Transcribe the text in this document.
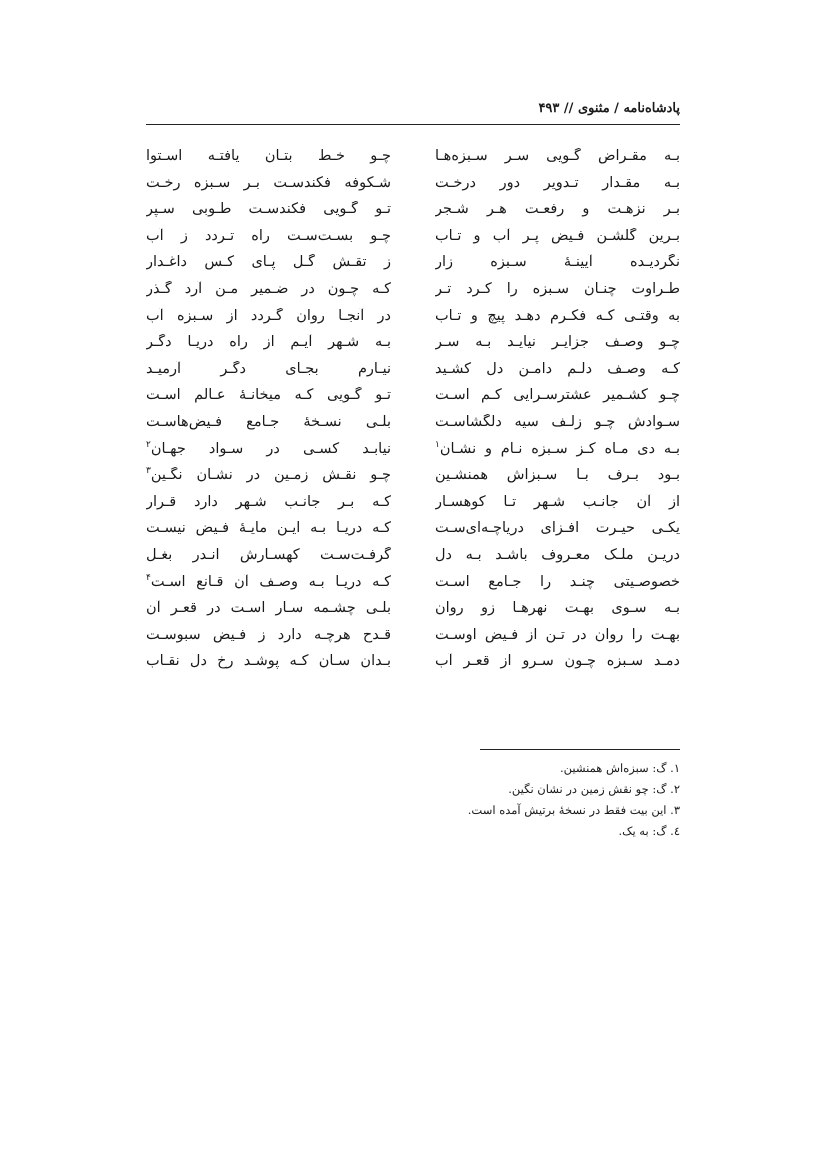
پادشاه‌نامه / مثنوی // ۴۹۳
بـه مقـراض گـویی سـر سـبزه‌هـا
چـو خـط بتـان یافتـه اسـتوا
بـه مقـدار تـدویر دور درخـت
شـکوفه فکندسـت بـر سـبزه رخـت
بـر نزهـت و رفعـت هـر شـجر
تـو گـویی فکندسـت طـوبی سـپر
بـرین گلشـن فـیض پـر آب و تـاب
چـو بسـت‌سـت راه تـردد ز آب
نگردیـده آیینـهٔ سـبزه زار
ز تقـش گـل پـای کـس داغـدار
طـراوت چنـان سـبزه را کـرد تـر
کـه چـون در ضـمیر مـن آرد گـذر
به وقتـی کـه فکـرم دهـد پیچ و تـاب
در آنجـا روان گـردد از سـبزه آب
چـو وصـف جزایـر نیایـد بـه سـر
بـه شـهر آیـم از راه دریـا دگـر
کـه وصـف دلـم دامـن دل کشـید
نیـارم بجـای دگـر آرمیـد
چـو کشـمیر عشترسـرایی کـم اسـت
تـو گـویی کـه میخانـهٔ عـالم اسـت
سـوادش چـو زلـف سیه دلگشاسـت
بلـی نسـخهٔ جـامع فـیض‌هاسـت
بـه دی مـاه کـز سـبزه نـام و نشـان$^۱$
نیابـد کسـی در سـواد جهـان$^۲$
بـود بـرف بـا سـبزاش همنشـین
چـو نقـش زمـین در نشـان نگـین$^۳$
از آن جانـب شـهر تـا کوهسـار
کـه بـر جانـب شـهر دارد قـرار
یکـی حیـرت افـزای دریاچـه‌ای‌سـت
کـه دریـا بـه ایـن مایـهٔ فـیض نیسـت
دریـن ملـک معـروف باشـد بـه دل
گرفـت‌سـت کهسـارش انـدر بغـل
خصوصـیتی چنـد را جـامع اسـت
کـه دریـا بـه وصـف آن قـانع اسـت$^۴$
بـه سـوی بهـت نهرهـا زو روان
بلـی چشـمه سـار اسـت در قعـر آن
بهـت را روان در تـن از فـیض اوسـت
قـدح هرچـه دارد ز فـیض سبوسـت
دمـد سـبزه چـون سـرو از قعـر آب
بـدان سـان کـه پوشـد رخ دل نقـاب
۱. گ: سبزه‌اش همنشین.
۲. گ: چو نقش زمین در نشان نگین.
۳. این بیت فقط در نسخهٔ برتیش آمده است.
٤. گ: به یک.
